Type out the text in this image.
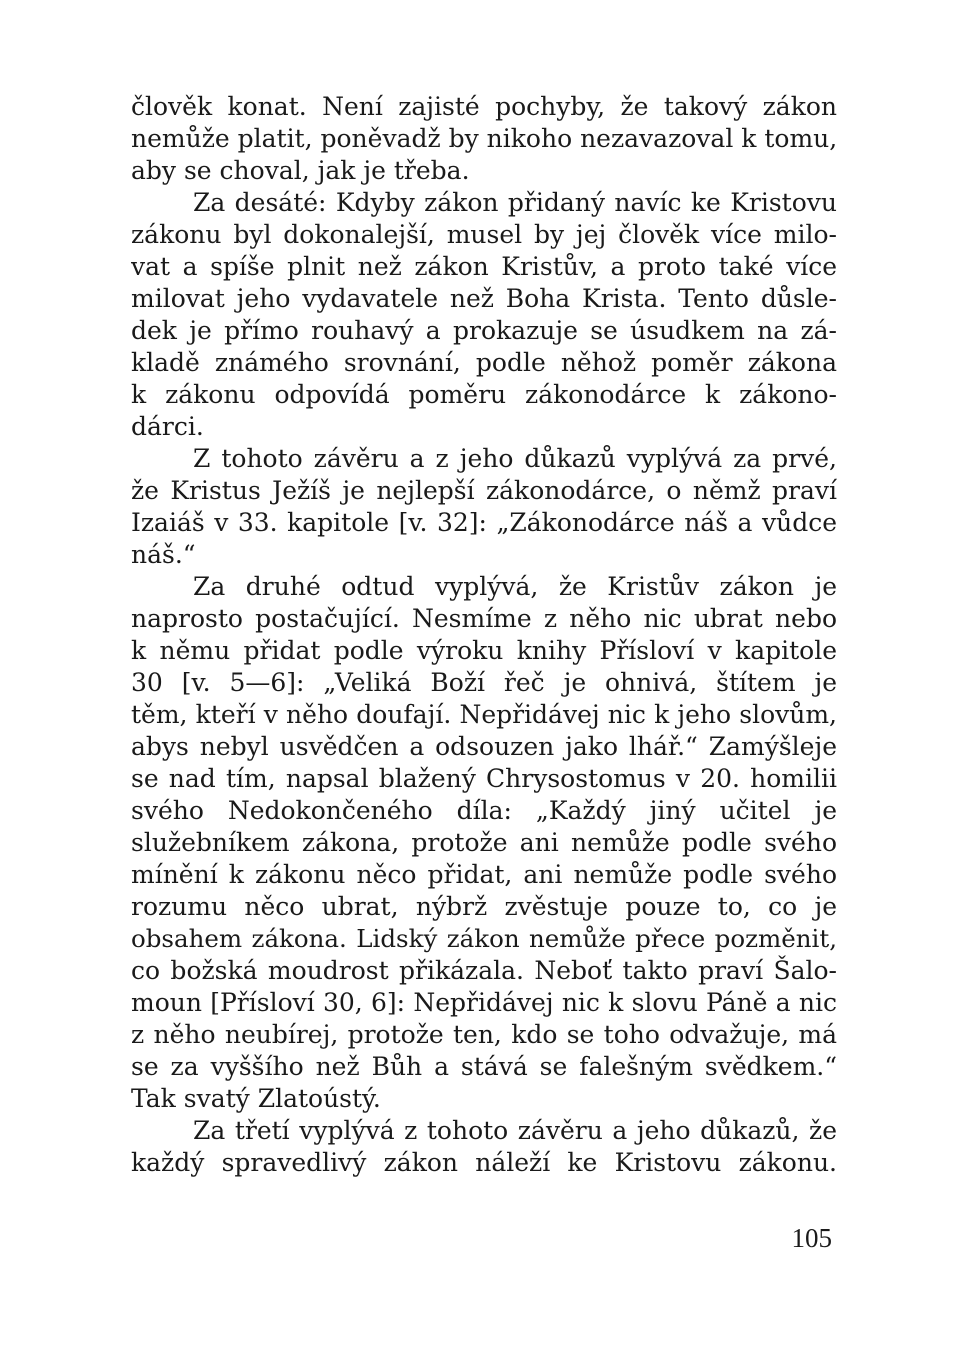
člověk konat. Není zajisté pochyby, že takový zákon
nemůže platit, poněvadž by nikoho nezavazoval k tomu,
aby se choval, jak je třeba.
Za desáté: Kdyby zákon přidaný navíc ke Kristovu
zákonu byl dokonalejší, musel by jej člověk více milo-
vat a spíše plnit než zákon Kristův, a proto také více
milovat jeho vydavatele než Boha Krista. Tento důsle-
dek je přímo rouhavý a prokazuje se úsudkem na zá-
kladě známého srovnání, podle něhož poměr zákona
k zákonu odpovídá poměru zákonodárce k zákono-
dárci.
Z tohoto závěru a z jeho důkazů vyplývá za prvé,
že Kristus Ježíš je nejlepší zákonodárce, o němž praví
Izaiáš v 33. kapitole [v. 32]: „Zákonodárce náš a vůdce
náš.“
Za druhé odtud vyplývá, že Kristův zákon je
naprosto postačující. Nesmíme z něho nic ubrat nebo
k němu přidat podle výroku knihy Přísloví v kapitole
30 [v. 5—6]: „Veliká Boží řeč je ohnivá, štítem je
těm, kteří v něho doufají. Nepřidávej nic k jeho slovům,
abys nebyl usvědčen a odsouzen jako lhář.“ Zamýšleje
se nad tím, napsal blažený Chrysostomus v 20. homilii
svého Nedokončeného díla: „Každý jiný učitel je
služebníkem zákona, protože ani nemůže podle svého
mínění k zákonu něco přidat, ani nemůže podle svého
rozumu něco ubrat, nýbrž zvěstuje pouze to, co je
obsahem zákona. Lidský zákon nemůže přece pozměnit,
co božská moudrost přikázala. Neboť takto praví Šalo-
moun [Přísloví 30, 6]: Nepřidávej nic k slovu Páně a nic
z něho neubírej, protože ten, kdo se toho odvažuje, má
se za vyššího než Bůh a stává se falešným svědkem.“
Tak svatý Zlatoústý.
Za třetí vyplývá z tohoto závěru a jeho důkazů, že
každý spravedlivý zákon náleží ke Kristovu zákonu.
105
